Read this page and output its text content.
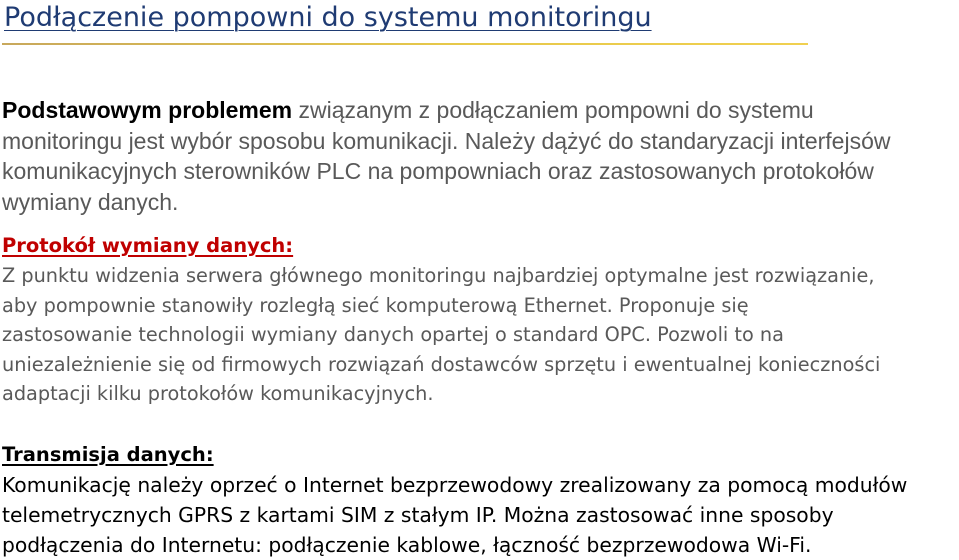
Podłączenie pompowni do systemu monitoringu

Podstawowym problemem związanym z podłączaniem pompowni do systemu monitoringu jest wybór sposobu komunikacji. Należy dążyć do standaryzacji interfejsów komunikacyjnych sterowników PLC na pompowniach oraz zastosowanych protokołów wymiany danych.

Protokół wymiany danych:

Z punktu widzenia serwera głównego monitoringu najbardziej optymalne jest rozwiązanie,
aby pompownie stanowiły rozległą sieć komputerową Ethernet. Proponuje się
zastosowanie technologii wymiany danych opartej o standard OPC. Pozwoli to na
uniezależnienie się od firmowych rozwiązań dostawców sprzętu i ewentualnej konieczności
adaptacji kilku protokołów komunikacyjnych.

Transmisja danych:

Komunikację należy oprzeć o Internet bezprzewodowy zrealizowany za pomocą modułów
telemetrycznych GPRS z kartami SIM z stałym IP. Można zastosować inne sposoby
podłączenia do Internetu: podłączenie kablowe, łączność bezprzewodowa Wi-Fi.
